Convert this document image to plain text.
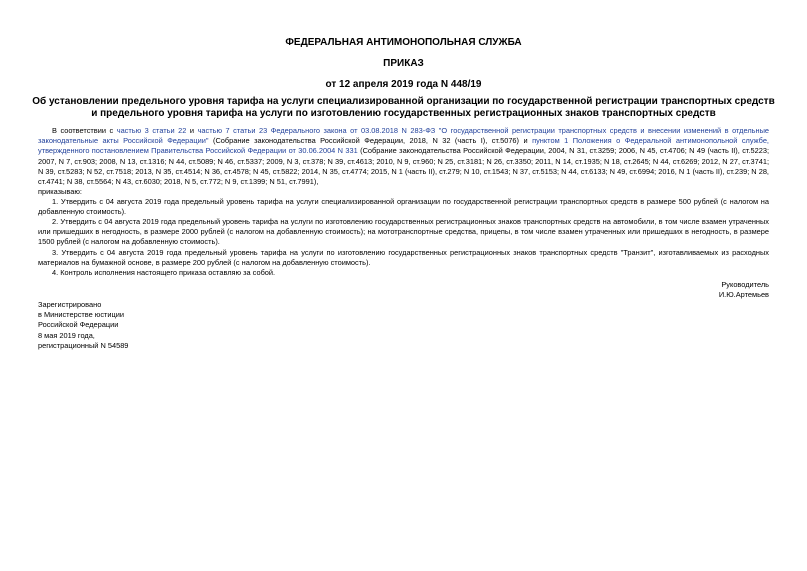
ФЕДЕРАЛЬНАЯ АНТИМОНОПОЛЬНАЯ СЛУЖБА
ПРИКАЗ
от 12 апреля 2019 года N 448/19
Об установлении предельного уровня тарифа на услуги специализированной организации по государственной регистрации транспортных средств и предельного уровня тарифа на услуги по изготовлению государственных регистрационных знаков транспортных средств
В соответствии с частью 3 статьи 22 и частью 7 статьи 23 Федерального закона от 03.08.2018 N 283-ФЗ "О государственной регистрации транспортных средств и внесении изменений в отдельные законодательные акты Российской Федерации" (Собрание законодательства Российской Федерации, 2018, N 32 (часть I), ст.5076) и пунктом 1 Положения о Федеральной антимонопольной службе, утвержденного постановлением Правительства Российской Федерации от 30.06.2004 N 331 (Собрание законодательства Российской Федерации, 2004, N 31, ст.3259; 2006, N 45, ст.4706; N 49 (часть II), ст.5223; 2007, N 7, ст.903; 2008, N 13, ст.1316; N 44, ст.5089; N 46, ст.5337; 2009, N 3, ст.378; N 39, ст.4613; 2010, N 9, ст.960; N 25, ст.3181; N 26, ст.3350; 2011, N 14, ст.1935; N 18, ст.2645; N 44, ст.6269; 2012, N 27, ст.3741; N 39, ст.5283; N 52, ст.7518; 2013, N 35, ст.4514; N 36, ст.4578; N 45, ст.5822; 2014, N 35, ст.4774; 2015, N 1 (часть II), ст.279; N 10, ст.1543; N 37, ст.5153; N 44, ст.6133; N 49, ст.6994; 2016, N 1 (часть II), ст.239; N 28, ст.4741; N 38, ст.5564; N 43, ст.6030; 2018, N 5, ст.772; N 9, ст.1399; N 51, ст.7991),
приказываю:
1. Утвердить с 04 августа 2019 года предельный уровень тарифа на услуги специализированной организации по государственной регистрации транспортных средств в размере 500 рублей (с налогом на добавленную стоимость).
2. Утвердить с 04 августа 2019 года предельный уровень тарифа на услуги по изготовлению государственных регистрационных знаков транспортных средств на автомобили, в том числе взамен утраченных или пришедших в негодность, в размере 2000 рублей (с налогом на добавленную стоимость); на мототранспортные средства, прицепы, в том числе взамен утраченных или пришедших в негодность, в размере 1500 рублей (с налогом на добавленную стоимость).
3. Утвердить с 04 августа 2019 года предельный уровень тарифа на услуги по изготовлению государственных регистрационных знаков транспортных средств "Транзит", изготавливаемых из расходных материалов на бумажной основе, в размере 200 рублей (с налогом на добавленную стоимость).
4. Контроль исполнения настоящего приказа оставляю за собой.
Руководитель
И.Ю.Артемьев
Зарегистрировано
в Министерстве юстиции
Российской Федерации
8 мая 2019 года,
регистрационный N 54589
